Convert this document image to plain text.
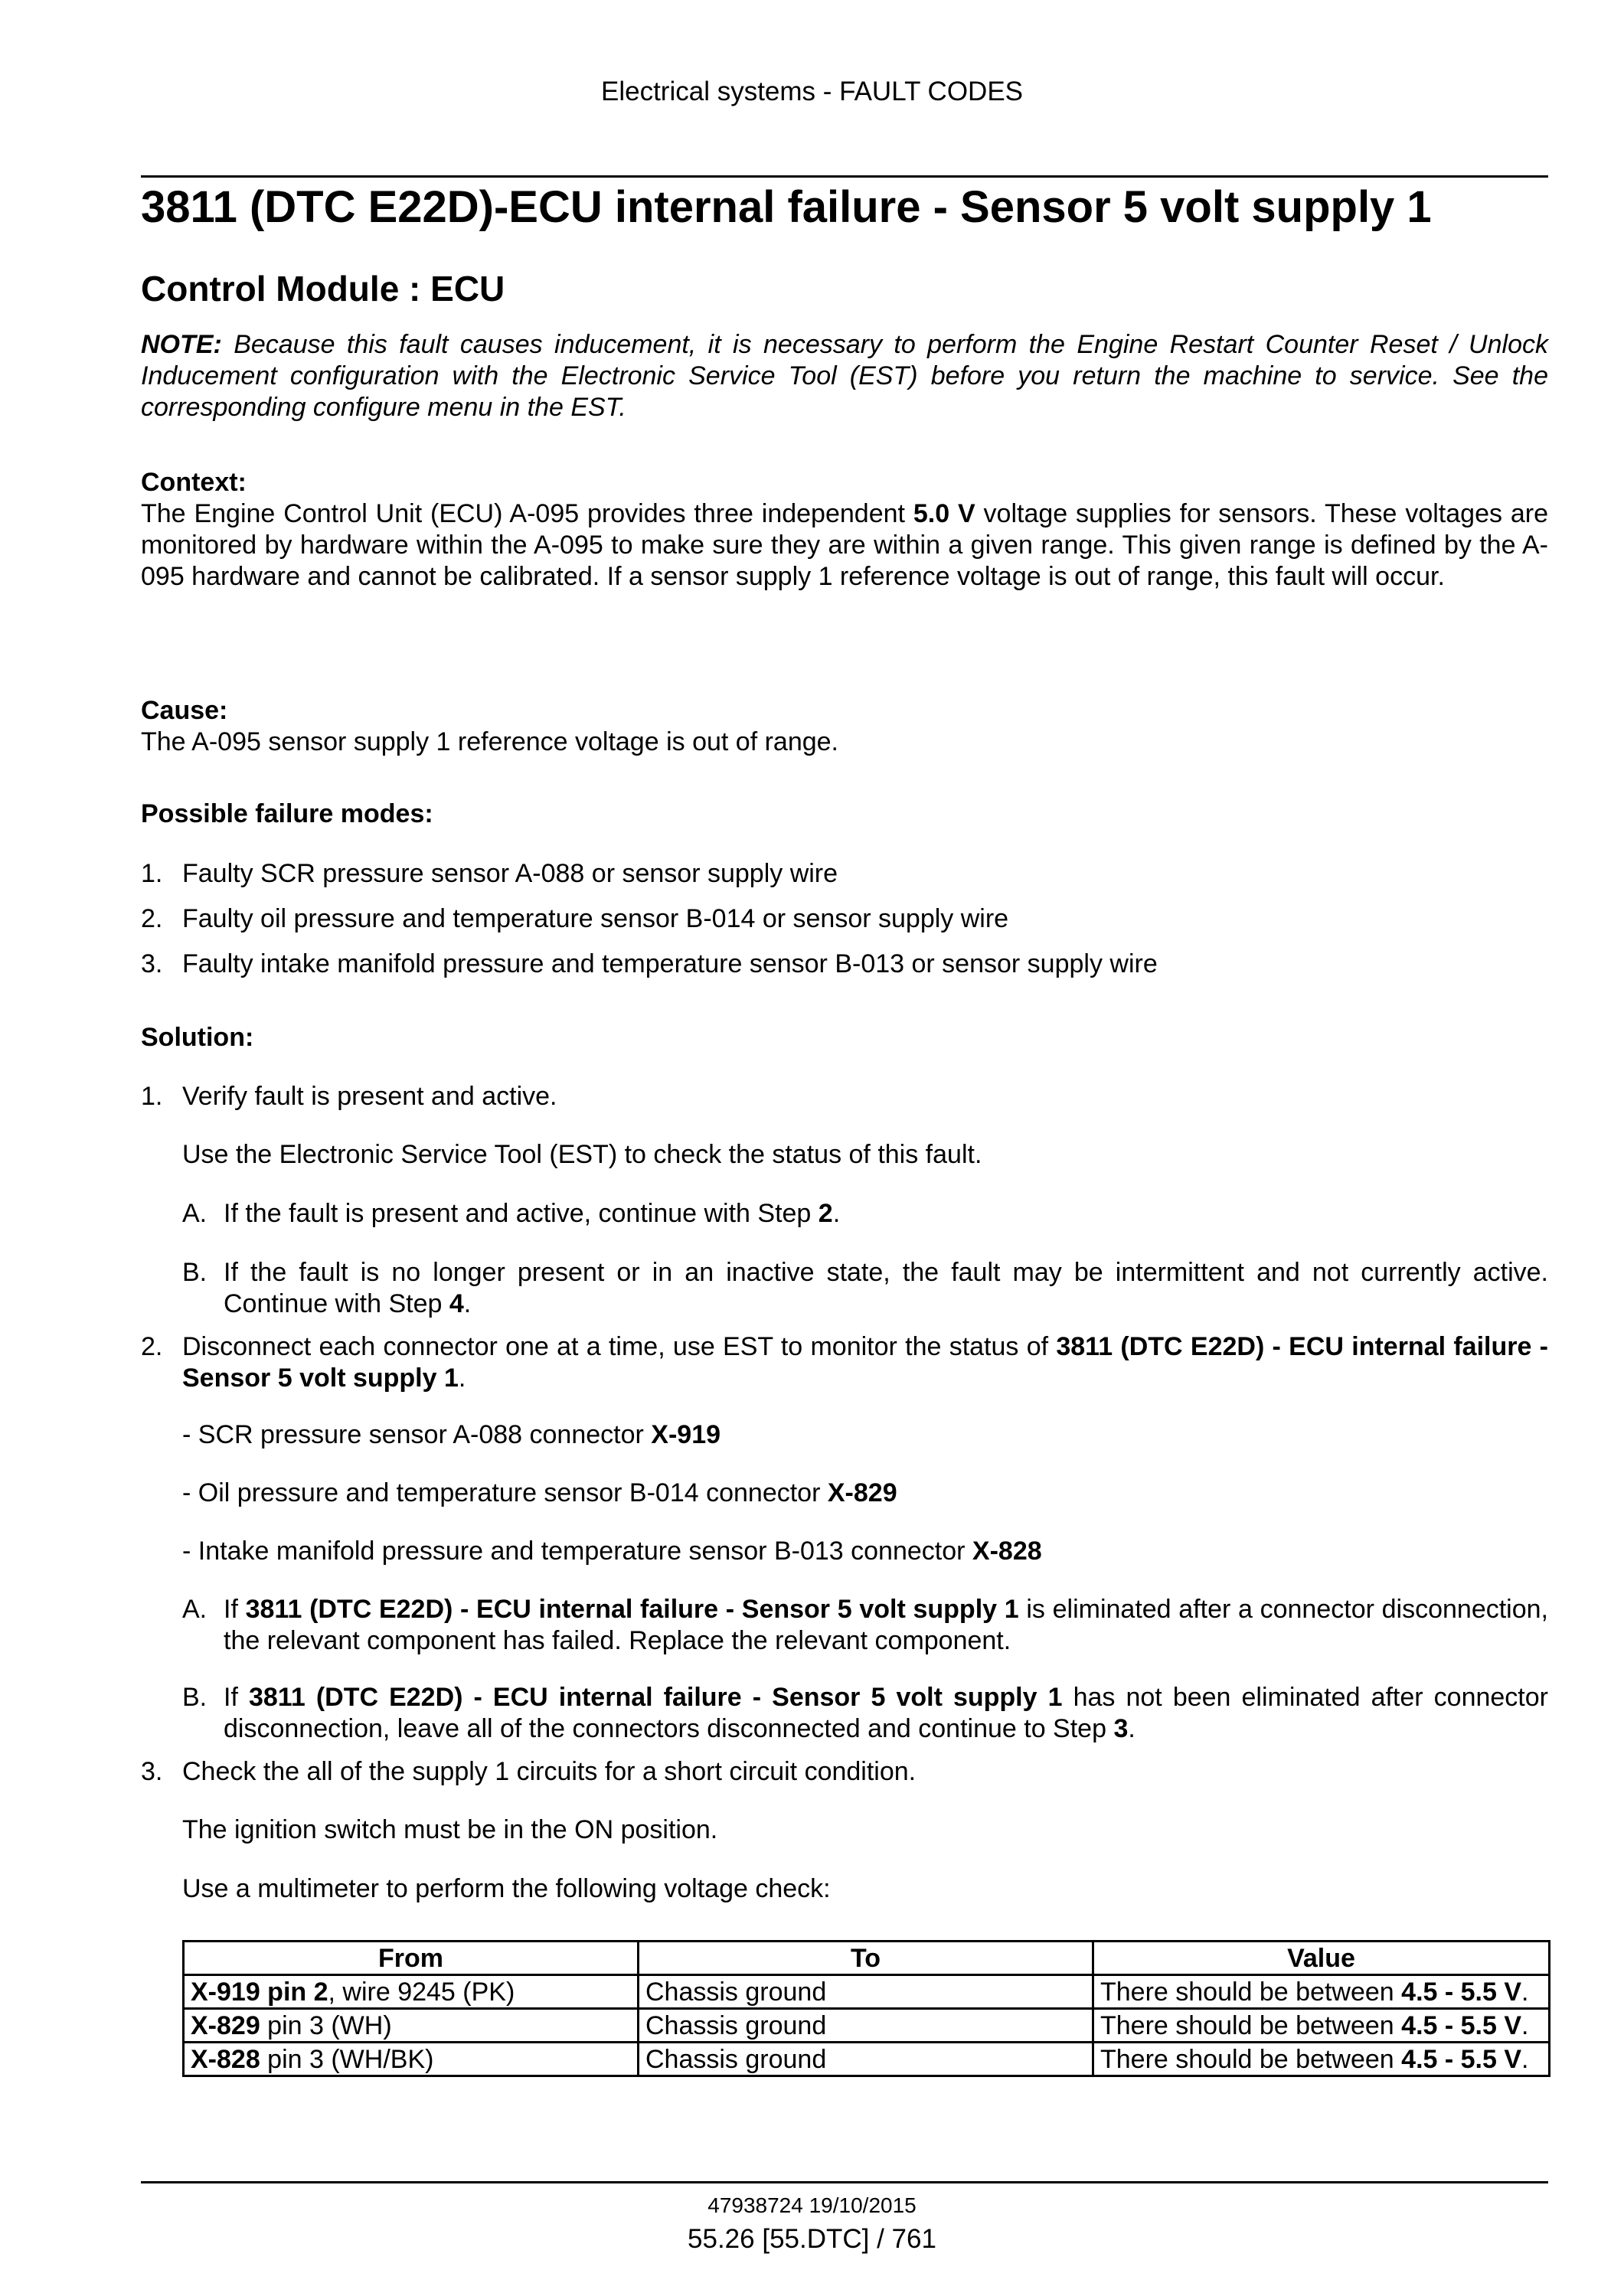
Electrical systems - FAULT CODES
3811 (DTC E22D)-ECU internal failure - Sensor 5 volt supply 1
Control Module : ECU
NOTE: Because this fault causes inducement, it is necessary to perform the Engine Restart Counter Reset / Unlock Inducement configuration with the Electronic Service Tool (EST) before you return the machine to service. See the corresponding configure menu in the EST.
Context:
The Engine Control Unit (ECU) A-095 provides three independent 5.0 V voltage supplies for sensors. These voltages are monitored by hardware within the A-095 to make sure they are within a given range. This given range is defined by the A-095 hardware and cannot be calibrated. If a sensor supply 1 reference voltage is out of range, this fault will occur.
Cause:
The A-095 sensor supply 1 reference voltage is out of range.
Possible failure modes:
1. Faulty SCR pressure sensor A-088 or sensor supply wire
2. Faulty oil pressure and temperature sensor B-014 or sensor supply wire
3. Faulty intake manifold pressure and temperature sensor B-013 or sensor supply wire
Solution:
1. Verify fault is present and active.
Use the Electronic Service Tool (EST) to check the status of this fault.
A. If the fault is present and active, continue with Step 2.
B. If the fault is no longer present or in an inactive state, the fault may be intermittent and not currently active. Continue with Step 4.
2. Disconnect each connector one at a time, use EST to monitor the status of 3811 (DTC E22D) - ECU internal failure - Sensor 5 volt supply 1.
- SCR pressure sensor A-088 connector X-919
- Oil pressure and temperature sensor B-014 connector X-829
- Intake manifold pressure and temperature sensor B-013 connector X-828
A. If 3811 (DTC E22D) - ECU internal failure - Sensor 5 volt supply 1 is eliminated after a connector disconnection, the relevant component has failed. Replace the relevant component.
B. If 3811 (DTC E22D) - ECU internal failure - Sensor 5 volt supply 1 has not been eliminated after connector disconnection, leave all of the connectors disconnected and continue to Step 3.
3. Check the all of the supply 1 circuits for a short circuit condition.
The ignition switch must be in the ON position.
Use a multimeter to perform the following voltage check:
From	To	Value
X-919 pin 2, wire 9245 (PK)	Chassis ground	There should be between 4.5 - 5.5 V.
X-829 pin 3 (WH)	Chassis ground	There should be between 4.5 - 5.5 V.
X-828 pin 3 (WH/BK)	Chassis ground	There should be between 4.5 - 5.5 V.
47938724 19/10/2015
55.26 [55.DTC] / 761
